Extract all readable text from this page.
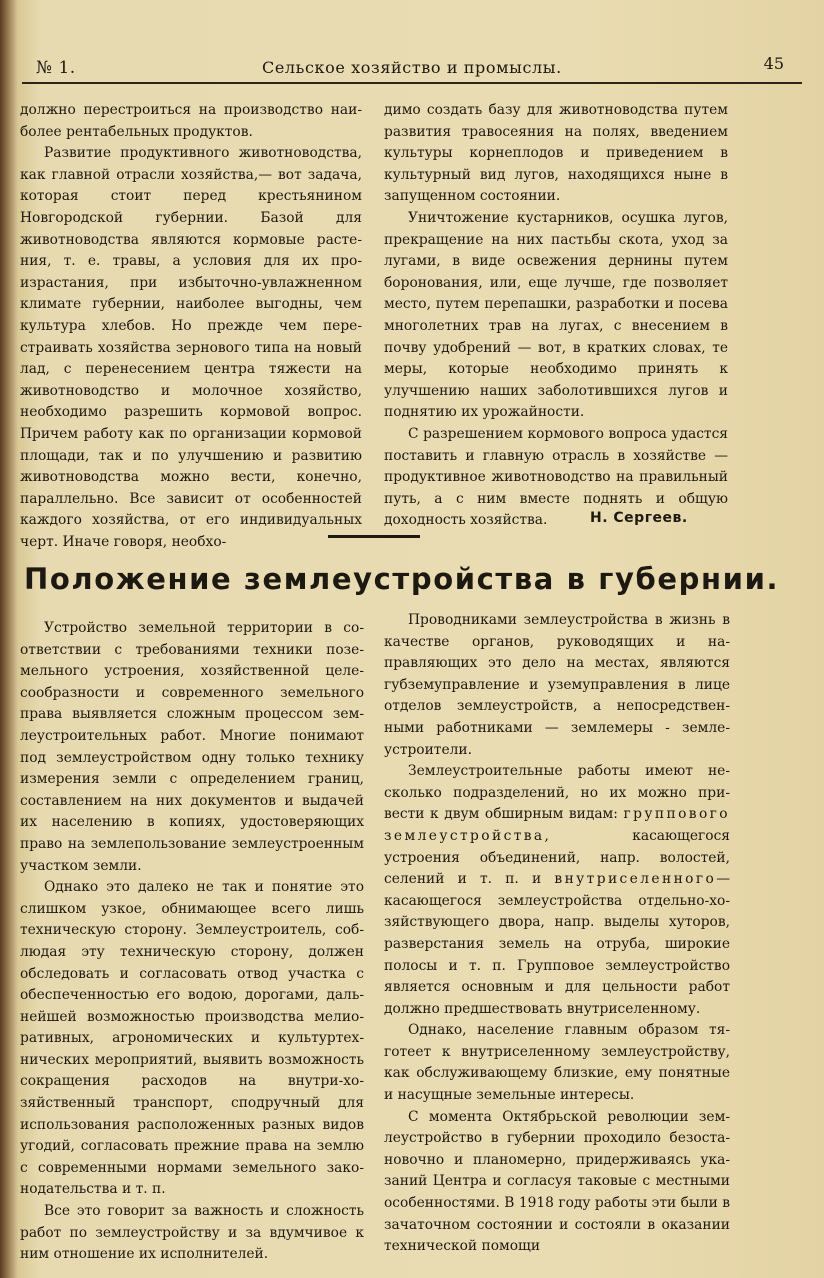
№ 1.	Сельское хозяйство и промыслы.	45

должно перестроиться на производство наиболее рентабельных продуктов.

Развитие продуктивного животноводства, как главной отрасли хозяйства,— вот задача, которая стоит перед крестьянином Новгородской губернии. Базой для животноводства являются кормовые растения, т. е. травы, а условия для их произрастания, при избыточно-увлажненном климате губернии, наиболее выгодны, чем культура хлебов. Но прежде чем перестраивать хозяйства зернового типа на новый лад, с перенесением центра тяжести на животноводство и молочное хозяйство, необходимо разрешить кормовой вопрос. Причем работу как по организации кормовой площади, так и по улучшению и развитию животноводства можно вести, конечно, параллельно. Все зависит от особенностей каждого хозяйства, от его индивидуальных черт. Иначе говоря, необхо-

димо создать базу для животноводства путем развития травосеяния на полях, введением культуры корнеплодов и приведением в культурный вид лугов, находящихся ныне в запущенном состоянии.

Уничтожение кустарников, осушка лугов, прекращение на них пастьбы скота, уход за лугами, в виде освежения дернины путем боронования, или, еще лучше, где позволяет место, путем перепашки, разработки и посева многолетних трав на лугах, с внесением в почву удобрений — вот, в кратких словах, те меры, которые необходимо принять к улучшению наших заболотившихся лугов и поднятию их урожайности.

С разрешением кормового вопроса удастся поставить и главную отрасль в хозяйстве — продуктивное животноводство на правильный путь, а с ним вместе поднять и общую доходность хозяйства.	Н. Сергеев.
Положение землеустройства в губернии.

Устройство земельной территории в соответствии с требованиями техники поземельного устроения, хозяйственной целесообразности и современного земельного права выявляется сложным процессом землеустроительных работ. Многие понимают под землеустройством одну только технику измерения земли с определением границ, составлением на них документов и выдачей их населению в копиях, удостоверяющих право на землепользование землеустроенным участком земли.

Однако это далеко не так и понятие это слишком узкое, обнимающее всего лишь техническую сторону. Землеустроитель, соблюдая эту техническую сторону, должен обследовать и согласовать отвод участка с обеспеченностью его водою, дорогами, дальнейшей возможностью производства мелиоративных, агрономических и культуртехнических мероприятий, выявить возможность сокращения расходов на внутри-хозяйственный транспорт, сподручный для использования расположенных разных видов угодий, согласовать прежние права на землю с современными нормами земельного законодательства и т. п.

Все это говорит за важность и сложность работ по землеустройству и за вдумчивое к ним отношение их исполнителей.

Проводниками землеустройства в жизнь в качестве органов, руководящих и направляющих это дело на местах, являются губземуправление и уземуправления в лице отделов землеустройств, а непосредственными работниками — землемеры - землеустроители.

Землеустроительные работы имеют несколько подразделений, но их можно привести к двум обширным видам: группового землеустройства, касающегося устроения объединений, напр. волостей, селений и т. п. и внутриселенного— касающегося землеустройства отдельно-хозяйствующего двора, напр. выделы хуторов, разверстания земель на отруба, широкие полосы и т. п. Групповое землеустройство является основным и для цельности работ должно предшествовать внутриселенному.

Однако, население главным образом тяготеет к внутриселенному землеустройству, как обслуживающему близкие, ему понятные и насущные земельные интересы.

С момента Октябрьской революции землеустройство в губернии проходило безостановочно и планомерно, придерживаясь указаний Центра и согласуя таковые с местными особенностями. В 1918 году работы эти были в зачаточном состоянии и состояли в оказании технической помощи
